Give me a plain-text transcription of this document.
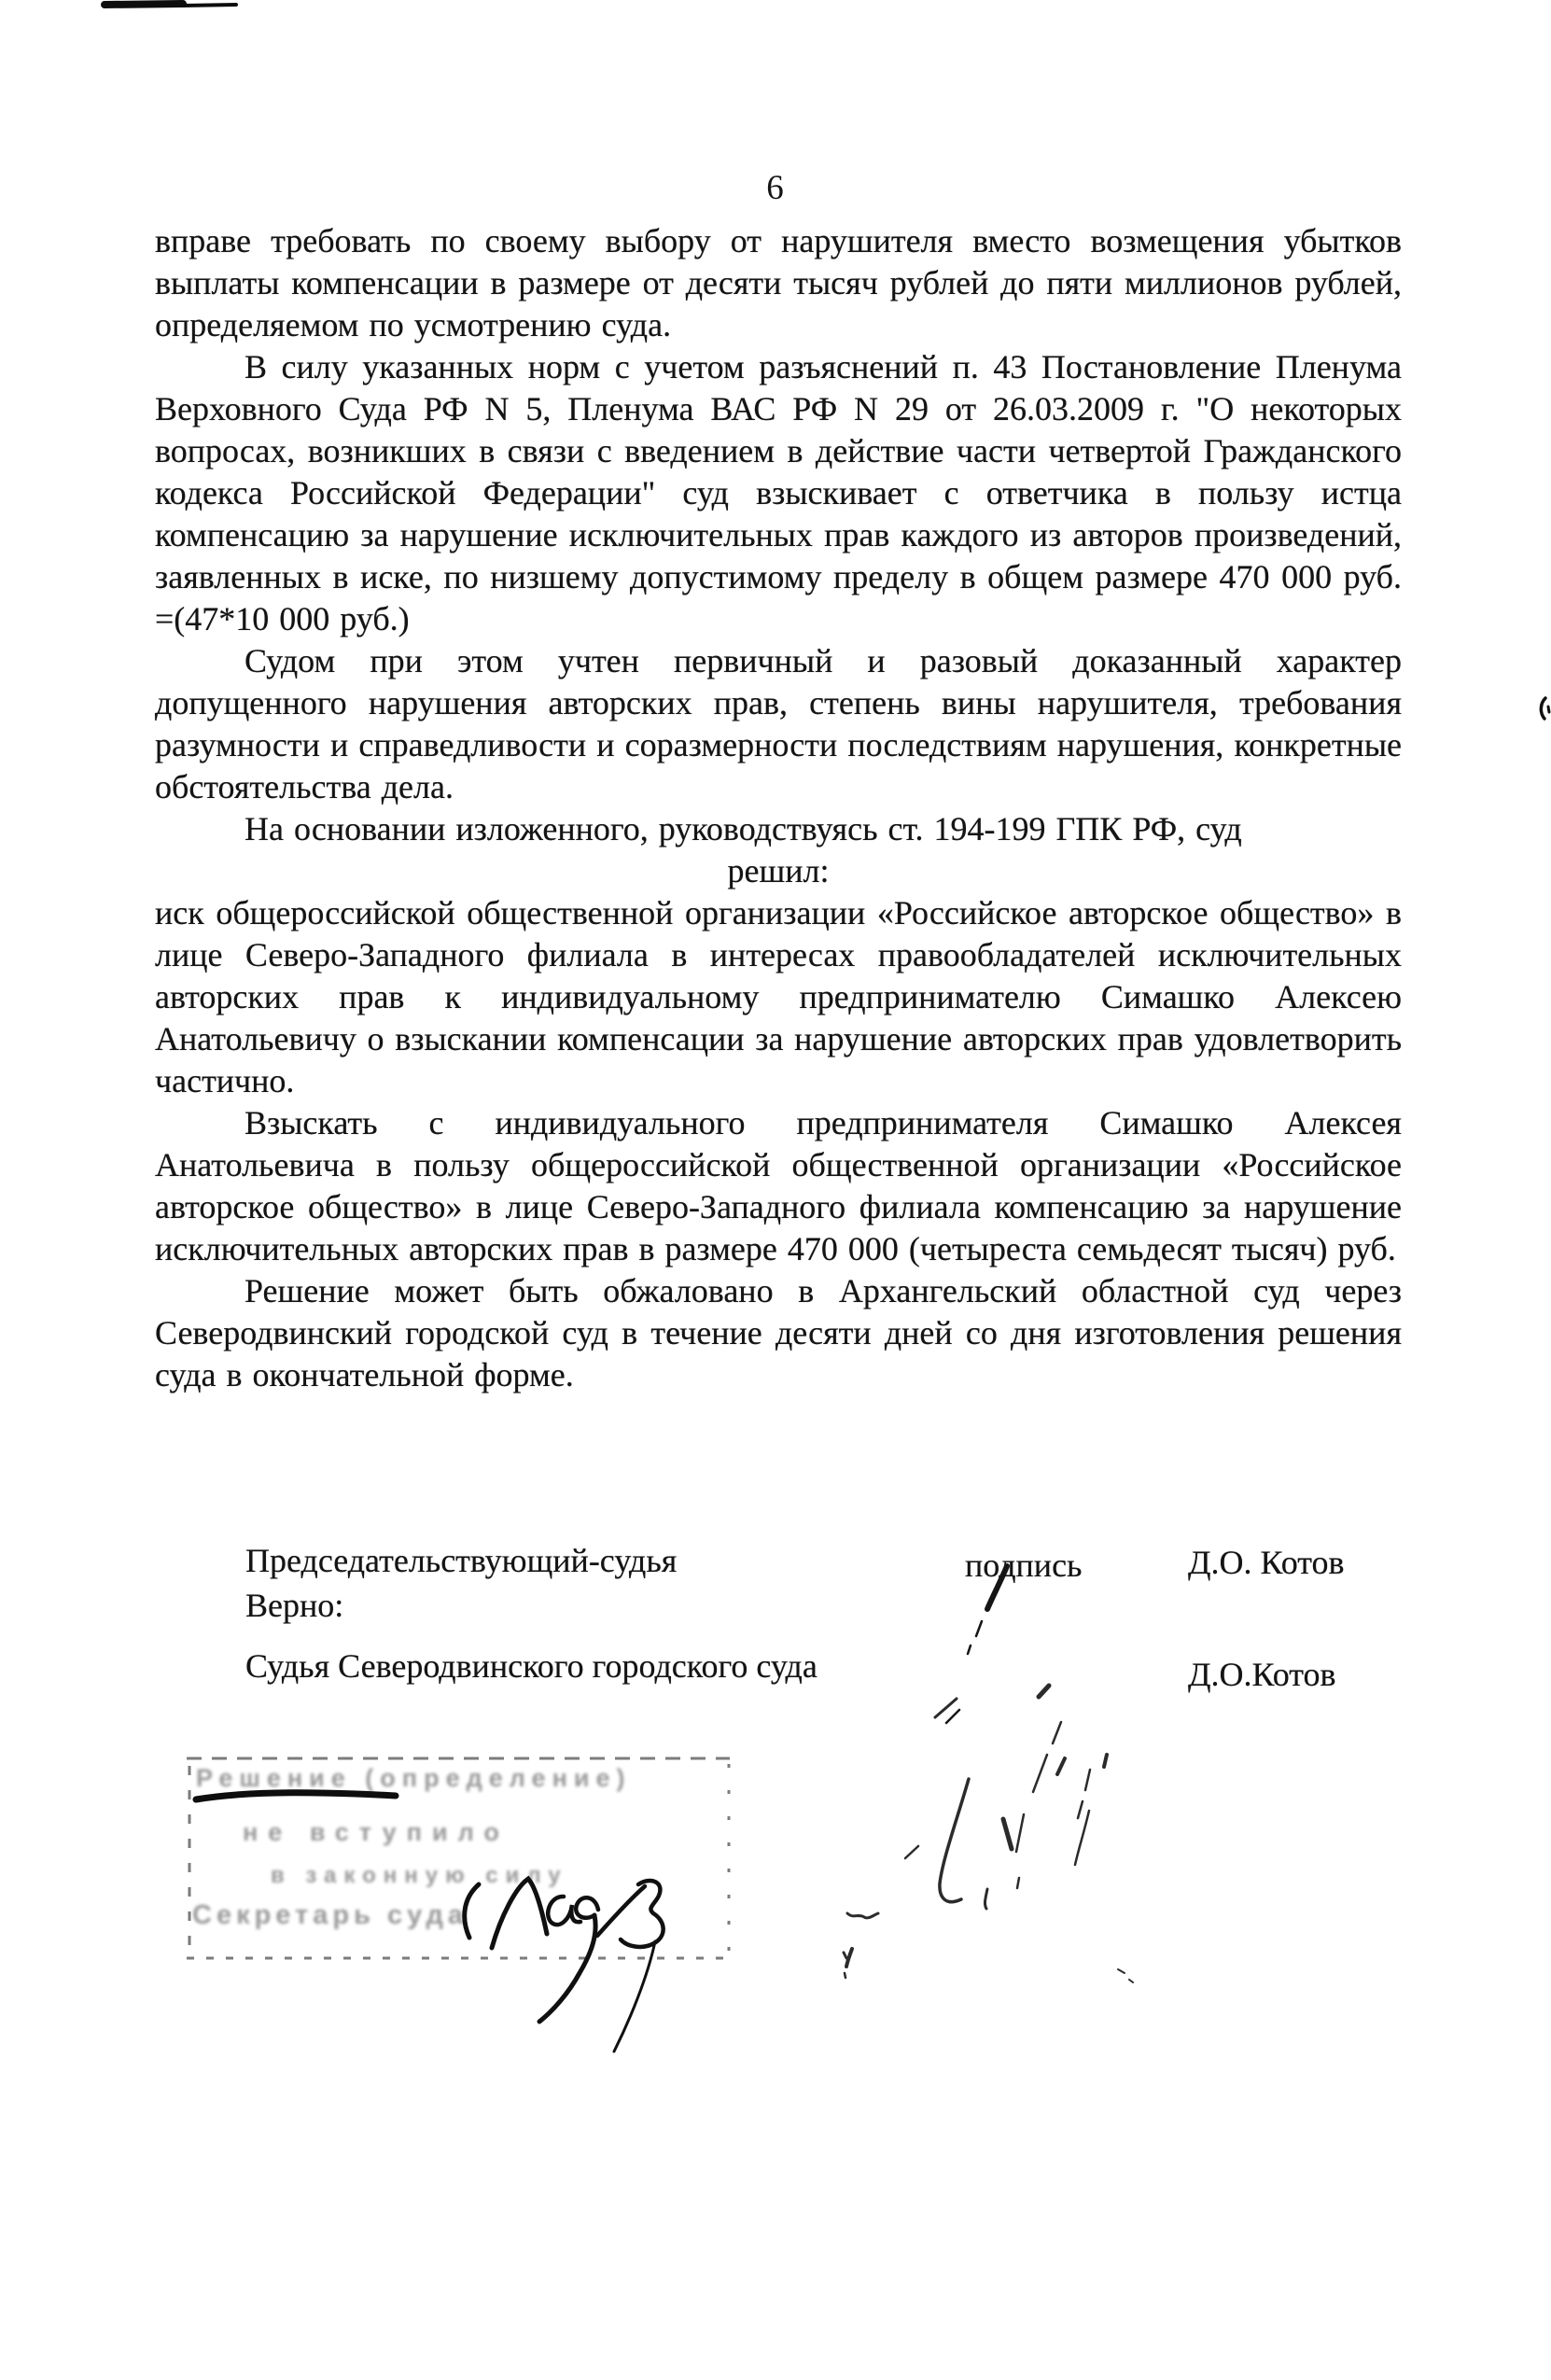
6

вправе требовать по своему выбору от нарушителя вместо возмещения убытков выплаты компенсации в размере от десяти тысяч рублей до пяти миллионов рублей, определяемом по усмотрению суда.

В силу указанных норм с учетом разъяснений п. 43 Постановление Пленума Верховного Суда РФ N 5, Пленума ВАС РФ N 29 от 26.03.2009 г. "О некоторых вопросах, возникших в связи с введением в действие части четвертой Гражданского кодекса Российской Федерации" суд взыскивает с ответчика в пользу истца компенсацию за нарушение исключительных прав каждого из авторов произведений, заявленных в иске, по низшему допустимому пределу в общем размере 470 000 руб. =(47*10 000 руб.)

Судом при этом учтен первичный и разовый доказанный характер допущенного нарушения авторских прав, степень вины нарушителя, требования разумности и справедливости и соразмерности последствиям нарушения, конкретные обстоятельства дела.

На основании изложенного, руководствуясь ст. 194-199 ГПК РФ, суд

решил:

иск общероссийской общественной организации «Российское авторское общество» в лице Северо-Западного филиала в интересах правообладателей исключительных авторских прав к индивидуальному предпринимателю Симашко Алексею Анатольевичу о взыскании компенсации за нарушение авторских прав удовлетворить частично.

Взыскать с индивидуального предпринимателя Симашко Алексея Анатольевича в пользу общероссийской общественной организации «Российское авторское общество» в лице Северо-Западного филиала компенсацию за нарушение исключительных авторских прав в размере 470 000 (четыреста семьдесят тысяч) руб.

Решение может быть обжаловано в Архангельский областной суд через Северодвинский городской суд в течение десяти дней со дня изготовления решения суда в окончательной форме.

Председательствующий-судья	подпись	Д.О. Котов
Верно:
Судья Северодвинского городского суда	Д.О.Котов
Решение (определение)
не вступило
в законную силу
Секретарь суда
